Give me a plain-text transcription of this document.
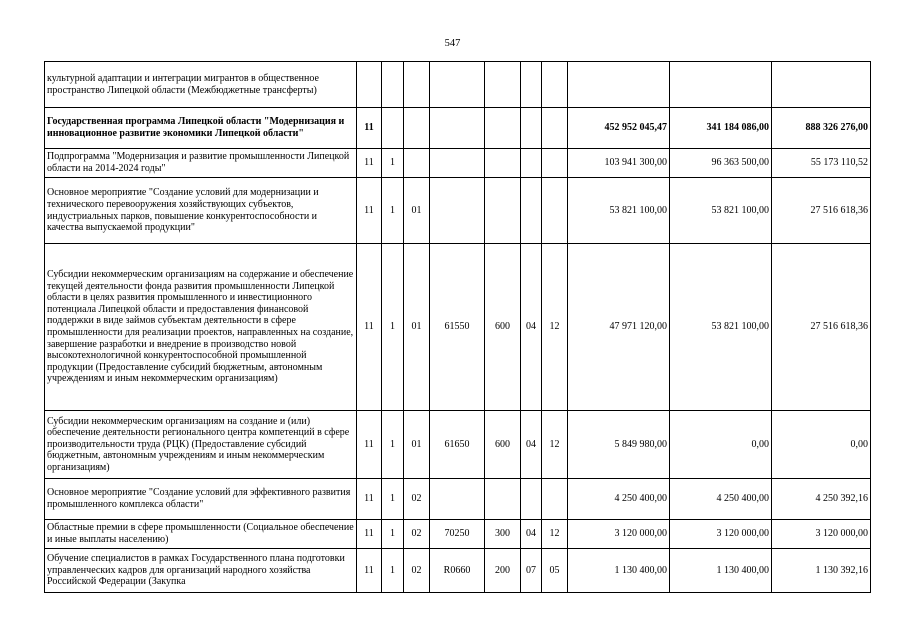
547
культурной адаптации и интеграции мигрантов в общественное пространство Липецкой области (Межбюджетные трансферты)										
Государственная программа Липецкой области "Модернизация и инновационное развитие экономики Липецкой области"	11							452 952 045,47	341 184 086,00	888 326 276,00
Подпрограмма "Модернизация и развитие промышленности Липецкой области на 2014-2024 годы"	11	1						103 941 300,00	96 363 500,00	55 173 110,52
Основное мероприятие "Создание условий для модернизации и технического перевооружения хозяйствующих субъектов, индустриальных парков, повышение конкурентоспособности и качества выпускаемой продукции"	11	1	01					53 821 100,00	53 821 100,00	27 516 618,36
Субсидии некоммерческим организациям на содержание и обеспечение текущей деятельности фонда развития промышленности Липецкой области в целях развития промышленного и инвестиционного потенциала Липецкой области и предоставления финансовой поддержки в виде займов субъектам деятельности в сфере промышленности для реализации проектов, направленных на создание, завершение разработки и внедрение в производство новой высокотехнологичной конкурентоспособной промышленной продукции (Предоставление субсидий бюджетным, автономным учреждениям и иным некоммерческим организациям)	11	1	01	61550	600	04	12	47 971 120,00	53 821 100,00	27 516 618,36
Субсидии некоммерческим организациям на создание и (или) обеспечение деятельности регионального центра компетенций в сфере производительности труда (РЦК) (Предоставление субсидий бюджетным, автономным учреждениям и иным некоммерческим организациям)	11	1	01	61650	600	04	12	5 849 980,00	0,00	0,00
Основное мероприятие "Создание условий для эффективного развития промышленного комплекса области"	11	1	02					4 250 400,00	4 250 400,00	4 250 392,16
Областные премии в сфере промышленности (Социальное обеспечение и иные выплаты населению)	11	1	02	70250	300	04	12	3 120 000,00	3 120 000,00	3 120 000,00
Обучение специалистов в рамках Государственного плана подготовки управленческих кадров для организаций народного хозяйства Российской Федерации (Закупка	11	1	02	R0660	200	07	05	1 130 400,00	1 130 400,00	1 130 392,16
